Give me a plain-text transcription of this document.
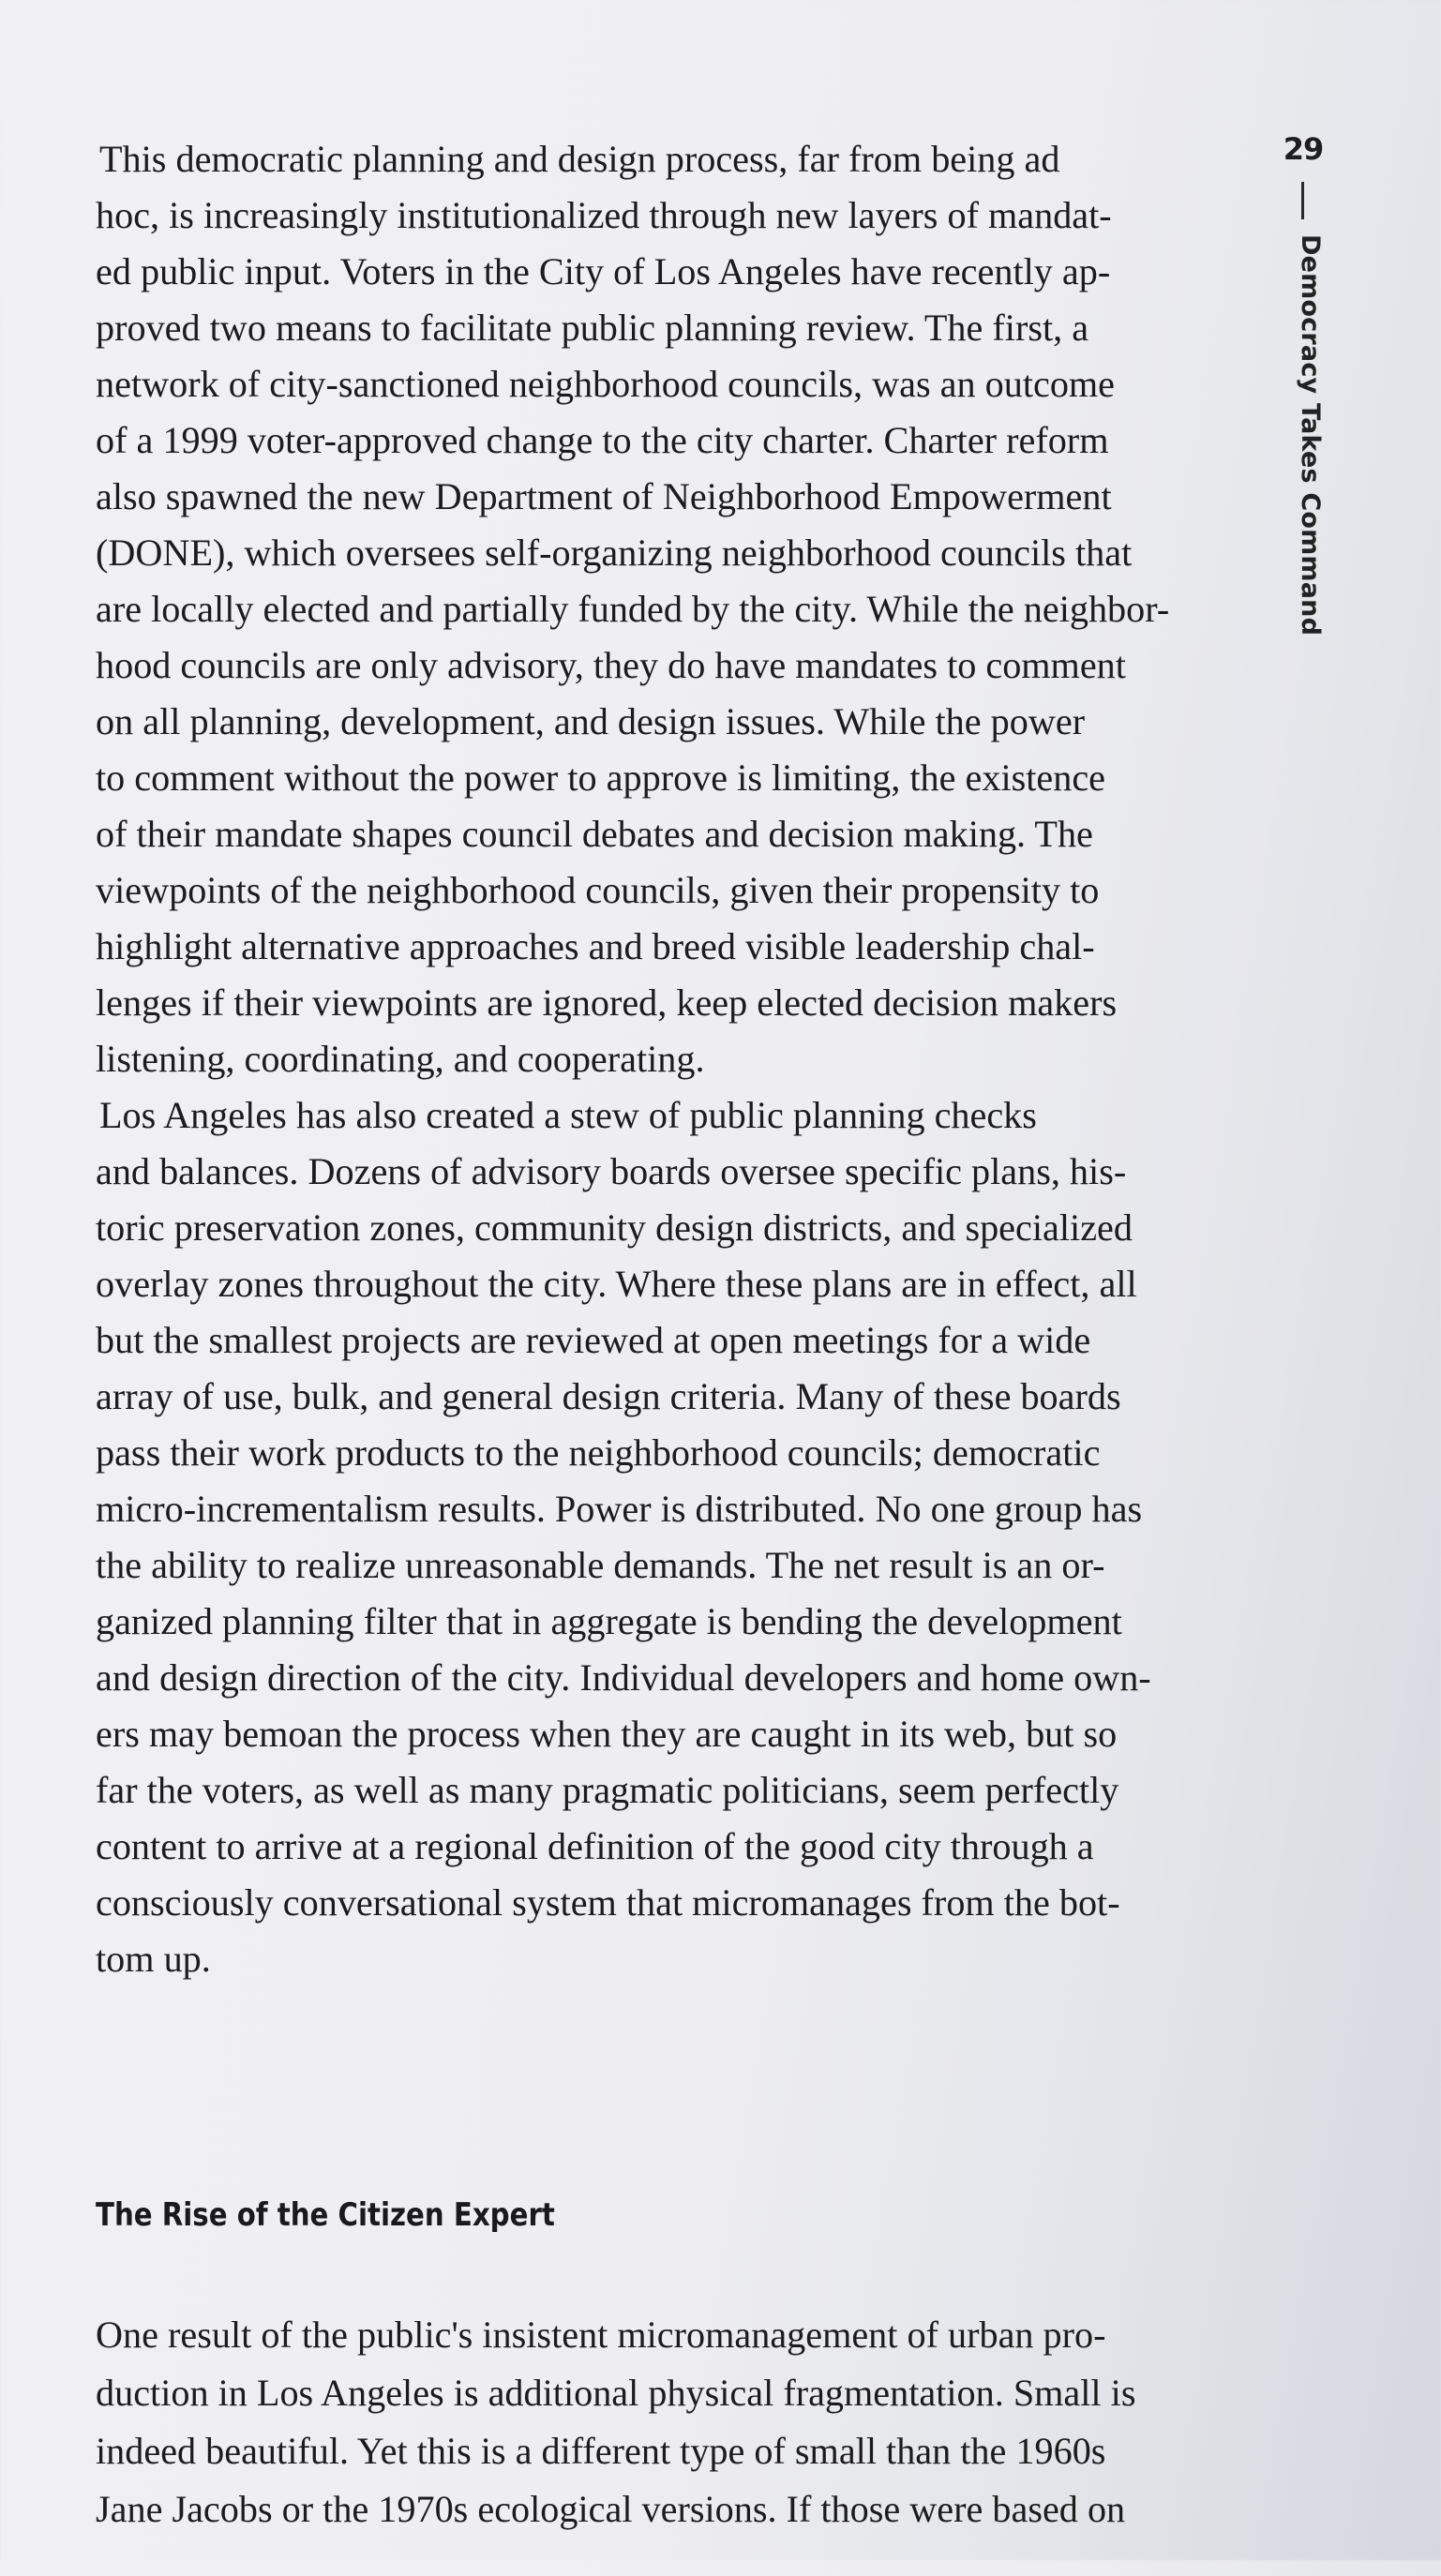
29
Democracy Takes Command

This democratic planning and design process, far from being ad
hoc, is increasingly institutionalized through new layers of mandat-
ed public input. Voters in the City of Los Angeles have recently ap-
proved two means to facilitate public planning review. The first, a
network of city-sanctioned neighborhood councils, was an outcome
of a 1999 voter-approved change to the city charter. Charter reform
also spawned the new Department of Neighborhood Empowerment
(DONE), which oversees self-organizing neighborhood councils that
are locally elected and partially funded by the city. While the neighbor-
hood councils are only advisory, they do have mandates to comment
on all planning, development, and design issues. While the power
to comment without the power to approve is limiting, the existence
of their mandate shapes council debates and decision making. The
viewpoints of the neighborhood councils, given their propensity to
highlight alternative approaches and breed visible leadership chal-
lenges if their viewpoints are ignored, keep elected decision makers
listening, coordinating, and cooperating.

Los Angeles has also created a stew of public planning checks
and balances. Dozens of advisory boards oversee specific plans, his-
toric preservation zones, community design districts, and specialized
overlay zones throughout the city. Where these plans are in effect, all
but the smallest projects are reviewed at open meetings for a wide
array of use, bulk, and general design criteria. Many of these boards
pass their work products to the neighborhood councils; democratic
micro-incrementalism results. Power is distributed. No one group has
the ability to realize unreasonable demands. The net result is an or-
ganized planning filter that in aggregate is bending the development
and design direction of the city. Individual developers and home own-
ers may bemoan the process when they are caught in its web, but so
far the voters, as well as many pragmatic politicians, seem perfectly
content to arrive at a regional definition of the good city through a
consciously conversational system that micromanages from the bot-
tom up.

The Rise of the Citizen Expert

One result of the public's insistent micromanagement of urban pro-
duction in Los Angeles is additional physical fragmentation. Small is
indeed beautiful. Yet this is a different type of small than the 1960s
Jane Jacobs or the 1970s ecological versions. If those were based on
